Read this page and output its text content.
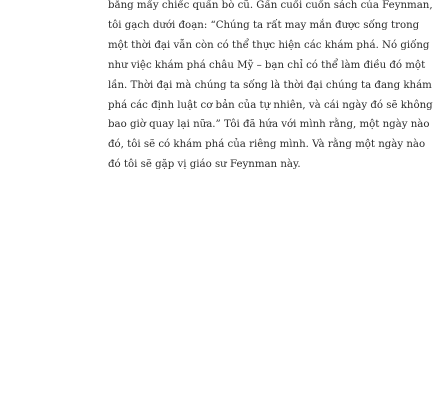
bằng mấy chiếc quần bò cũ. Gần cuối cuốn sách của Feynman,
tôi gạch dưới đoạn: “Chúng ta rất may mắn được sống trong
một thời đại vẫn còn có thể thực hiện các khám phá. Nó giống
như việc khám phá châu Mỹ – bạn chỉ có thể làm điều đó một
lần. Thời đại mà chúng ta sống là thời đại chúng ta đang khám
phá các định luật cơ bản của tự nhiên, và cái ngày đó sẽ không
bao giờ quay lại nữa.” Tôi đã hứa với mình rằng, một ngày nào
đó, tôi sẽ có khám phá của riêng mình. Và rằng một ngày nào
đó tôi sẽ gặp vị giáo sư Feynman này.
